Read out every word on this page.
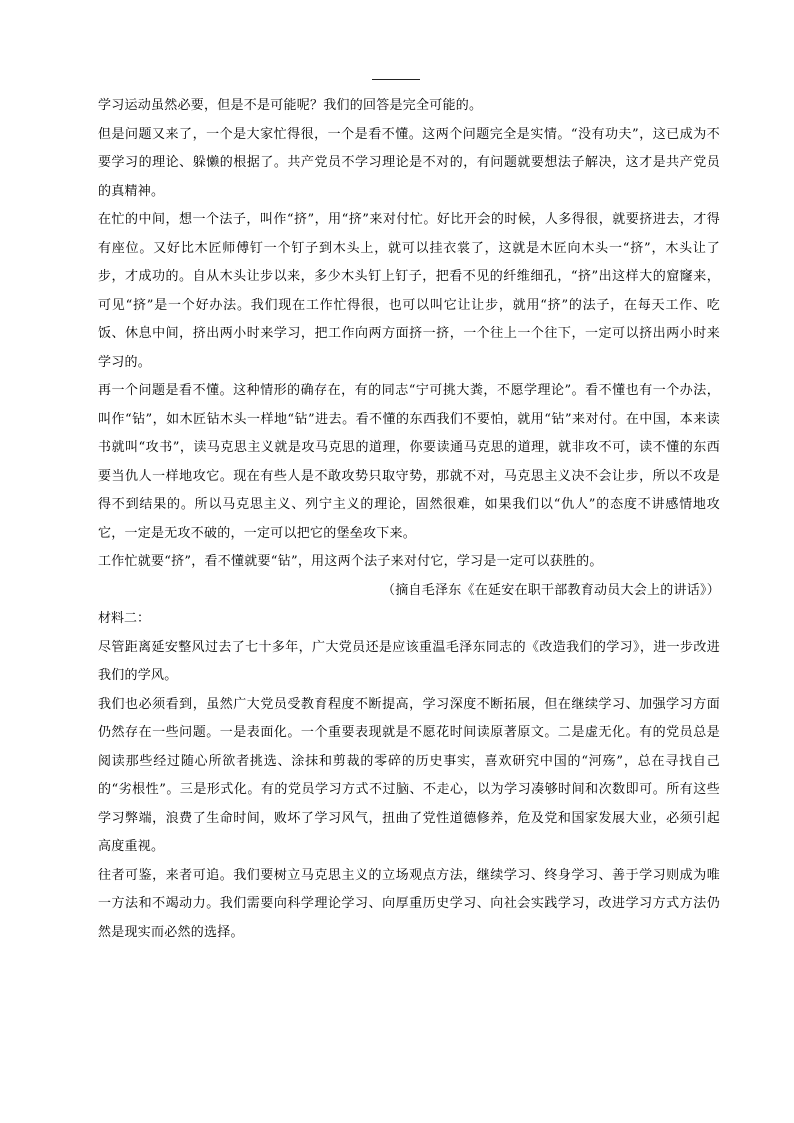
学习运动虽然必要，但是不是可能呢？我们的回答是完全可能的。

但是问题又来了，一个是大家忙得很，一个是看不懂。这两个问题完全是实情。“没有功夫”，这已成为不要学习的理论、躲懒的根据了。共产党员不学习理论是不对的，有问题就要想法子解决，这才是共产党员的真精神。

在忙的中间，想一个法子，叫作“挤”，用“挤”来对付忙。好比开会的时候，人多得很，就要挤进去，才得有座位。又好比木匠师傅钉一个钉子到木头上，就可以挂衣裳了，这就是木匠向木头一“挤”，木头让了步，才成功的。自从木头让步以来，多少木头钉上钉子，把看不见的纤维细孔，“挤”出这样大的窟窿来，可见“挤”是一个好办法。我们现在工作忙得很，也可以叫它让让步，就用“挤”的法子，在每天工作、吃饭、休息中间，挤出两小时来学习，把工作向两方面挤一挤，一个往上一个往下，一定可以挤出两小时来学习的。

再一个问题是看不懂。这种情形的确存在，有的同志“宁可挑大粪，不愿学理论”。看不懂也有一个办法，叫作“钻”，如木匠钻木头一样地“钻”进去。看不懂的东西我们不要怕，就用“钻”来对付。在中国，本来读书就叫“攻书”，读马克思主义就是攻马克思的道理，你要读通马克思的道理，就非攻不可，读不懂的东西要当仇人一样地攻它。现在有些人是不敢攻势只取守势，那就不对，马克思主义决不会让步，所以不攻是得不到结果的。所以马克思主义、列宁主义的理论，固然很难，如果我们以“仇人”的态度不讲感情地攻它，一定是无攻不破的，一定可以把它的堡垒攻下来。

工作忙就要“挤”，看不懂就要“钻”，用这两个法子来对付它，学习是一定可以获胜的。

（摘自毛泽东《在延安在职干部教育动员大会上的讲话》）

材料二：

尽管距离延安整风过去了七十多年，广大党员还是应该重温毛泽东同志的《改造我们的学习》，进一步改进我们的学风。

我们也必须看到，虽然广大党员受教育程度不断提高，学习深度不断拓展，但在继续学习、加强学习方面仍然存在一些问题。一是表面化。一个重要表现就是不愿花时间读原著原文。二是虚无化。有的党员总是阅读那些经过随心所欲者挑选、涂抹和剪裁的零碎的历史事实，喜欢研究中国的“河殇”，总在寻找自己的“劣根性”。三是形式化。有的党员学习方式不过脑、不走心，以为学习凑够时间和次数即可。所有这些学习弊端，浪费了生命时间，败坏了学习风气，扭曲了党性道德修养，危及党和国家发展大业，必须引起高度重视。

往者可鉴，来者可追。我们要树立马克思主义的立场观点方法，继续学习、终身学习、善于学习则成为唯一方法和不竭动力。我们需要向科学理论学习、向厚重历史学习、向社会实践学习，改进学习方式方法仍然是现实而必然的选择。
